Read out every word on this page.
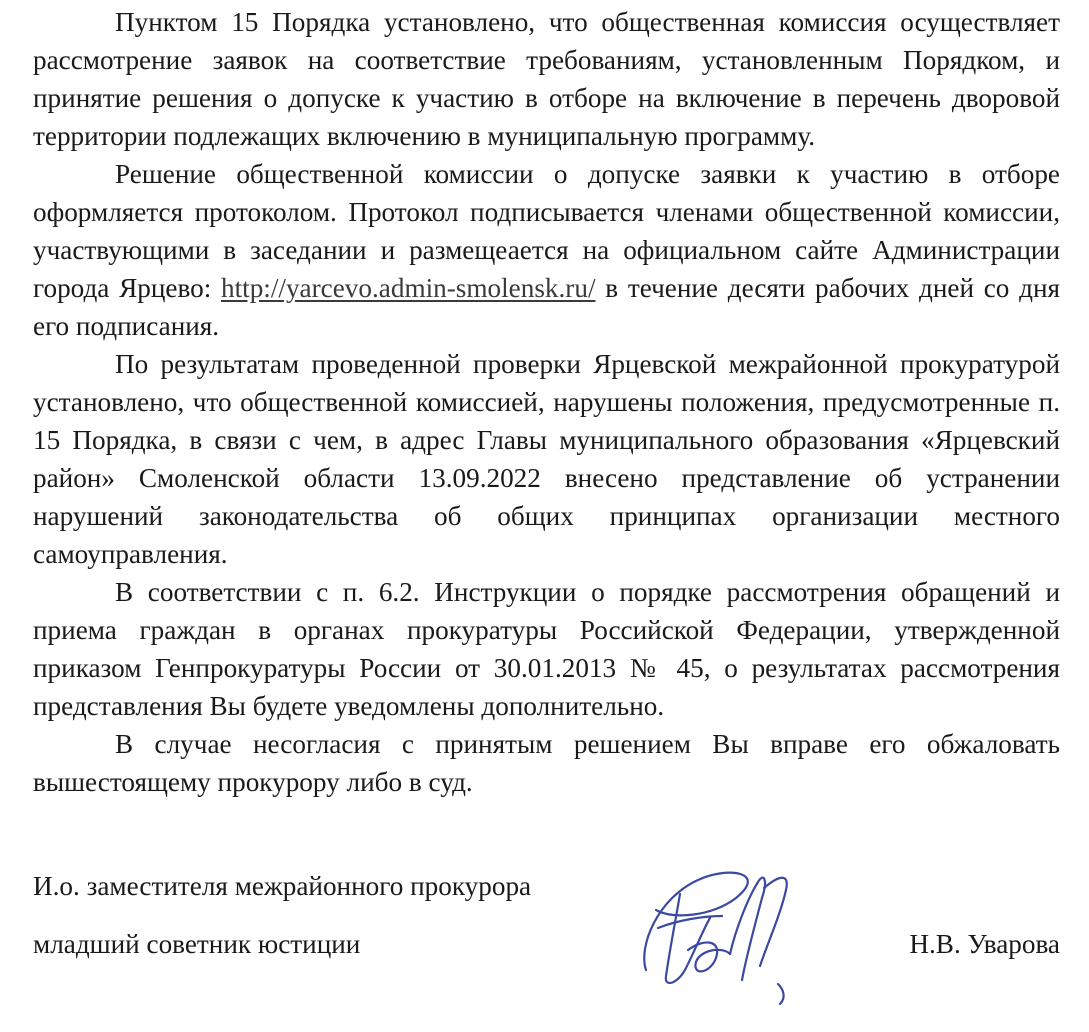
Пунктом 15 Порядка установлено, что общественная комиссия осуществляет рассмотрение заявок на соответствие требованиям, установленным Порядком, и принятие решения о допуске к участию в отборе на включение в перечень дворовой территории подлежащих включению в муниципальную программу.

Решение общественной комиссии о допуске заявки к участию в отборе оформляется протоколом. Протокол подписывается членами общественной комиссии, участвующими в заседании и размещеается на официальном сайте Администрации города Ярцево: http://yarcevo.admin-smolensk.ru/ в течение десяти рабочих дней со дня его подписания.

По результатам проведенной проверки Ярцевской межрайонной прокуратурой установлено, что общественной комиссией, нарушены положения, предусмотренные п. 15 Порядка, в связи с чем, в адрес Главы муниципального образования «Ярцевский район» Смоленской области 13.09.2022 внесено представление об устранении нарушений законодательства об общих принципах организации местного самоуправления.

В соответствии с п. 6.2. Инструкции о порядке рассмотрения обращений и приема граждан в органах прокуратуры Российской Федерации, утвержденной приказом Генпрокуратуры России от 30.01.2013 № 45, о результатах рассмотрения представления Вы будете уведомлены дополнительно.

В случае несогласия с принятым решением Вы вправе его обжаловать вышестоящему прокурору либо в суд.

И.о. заместителя межрайонного прокурора
младший советник юстиции	Н.В. Уварова
